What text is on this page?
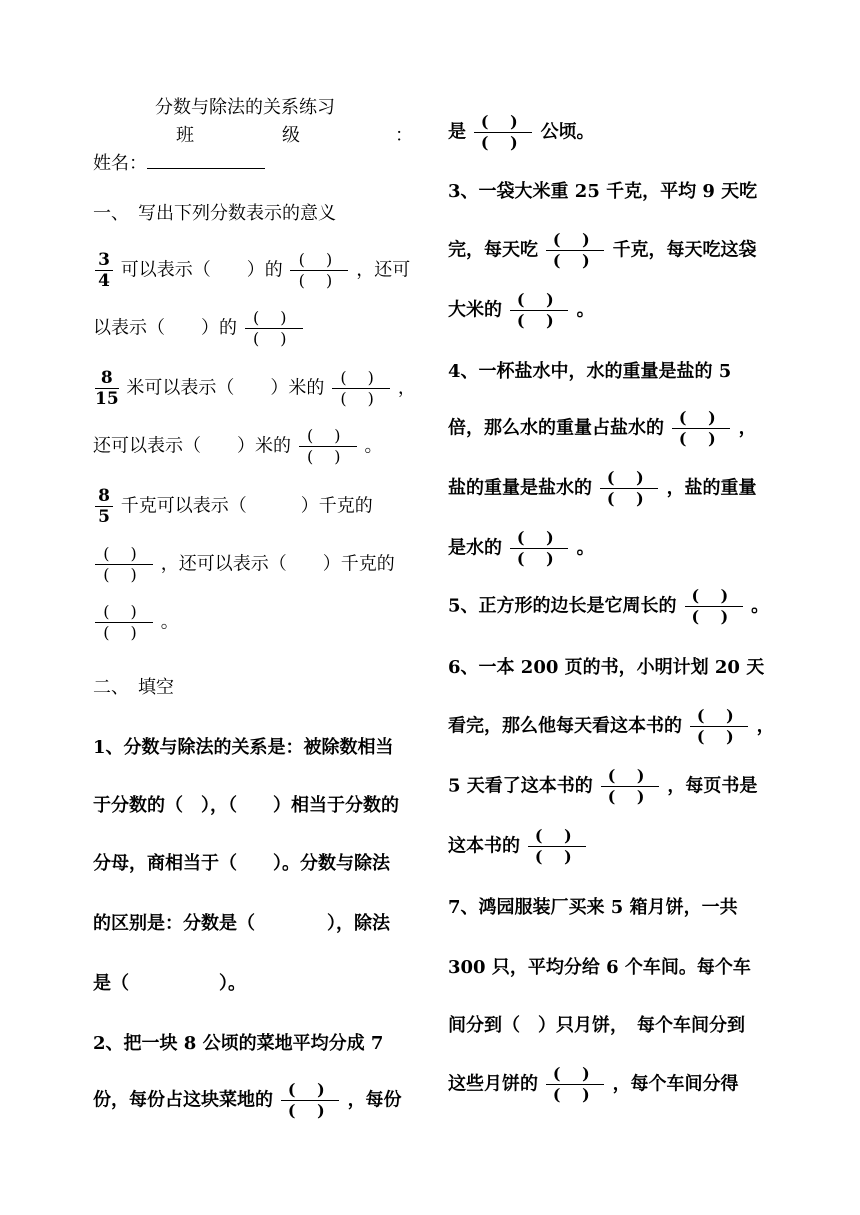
分数与除法的关系练习
班级 ：
姓名：
一、　写出下列分数表示的意义
$\frac{3}{4}$ 可以表示（　　）的 ( )
( )	，还可
以表示（　　）的
( )
( )
$\frac{8}{15}$ 米可以表示（　　）米的 ( )
( )	，
还可以表示（　　）米的 ( )
( )	。
$\frac{8}{5}$ 千克可以表示（　　　）千克的
( )
( )
，还可以表示（　　）千克的
( )
( )
。
二、　填空
1、分数与除法的关系是：被除数相当
于分数的（　），（　　）相当于分数的
分母，商相当于（　　）。分数与除法
的区别是：分数是（　　　　），除法
是（　　　　　）。
2、把一块 8 公顷的菜地平均分成 7
份，每份占这块菜地的 ( )
( )	，每份
是 ( )
( )	公顷。
3、一袋大米重 25 千克，平均 9 天吃
完，每天吃 ( )
( )	千克，每天吃这袋
大米的 ( )
( )	。
4、一杯盐水中，水的重量是盐的 5
倍，那么水的重量占盐水的 ( )
( )	，
盐的重量是盐水的 ( )
( )	，盐的重量
是水的 ( )
( )	。
5、正方形的边长是它周长的 ( )
( )	。
6、一本 200 页的书，小明计划 20 天
看完，那么他每天看这本书的 ( )
( )	，
5 天看了这本书的 ( )
( )	，每页书是
这本书的
( )
( )
7、鸿园服装厂买来 5 箱月饼，一共
300 只，平均分给 6 个车间。每个车
间分到（　）只月饼，　每个车间分到
这些月饼的 ( )
( )	，每个车间分得
